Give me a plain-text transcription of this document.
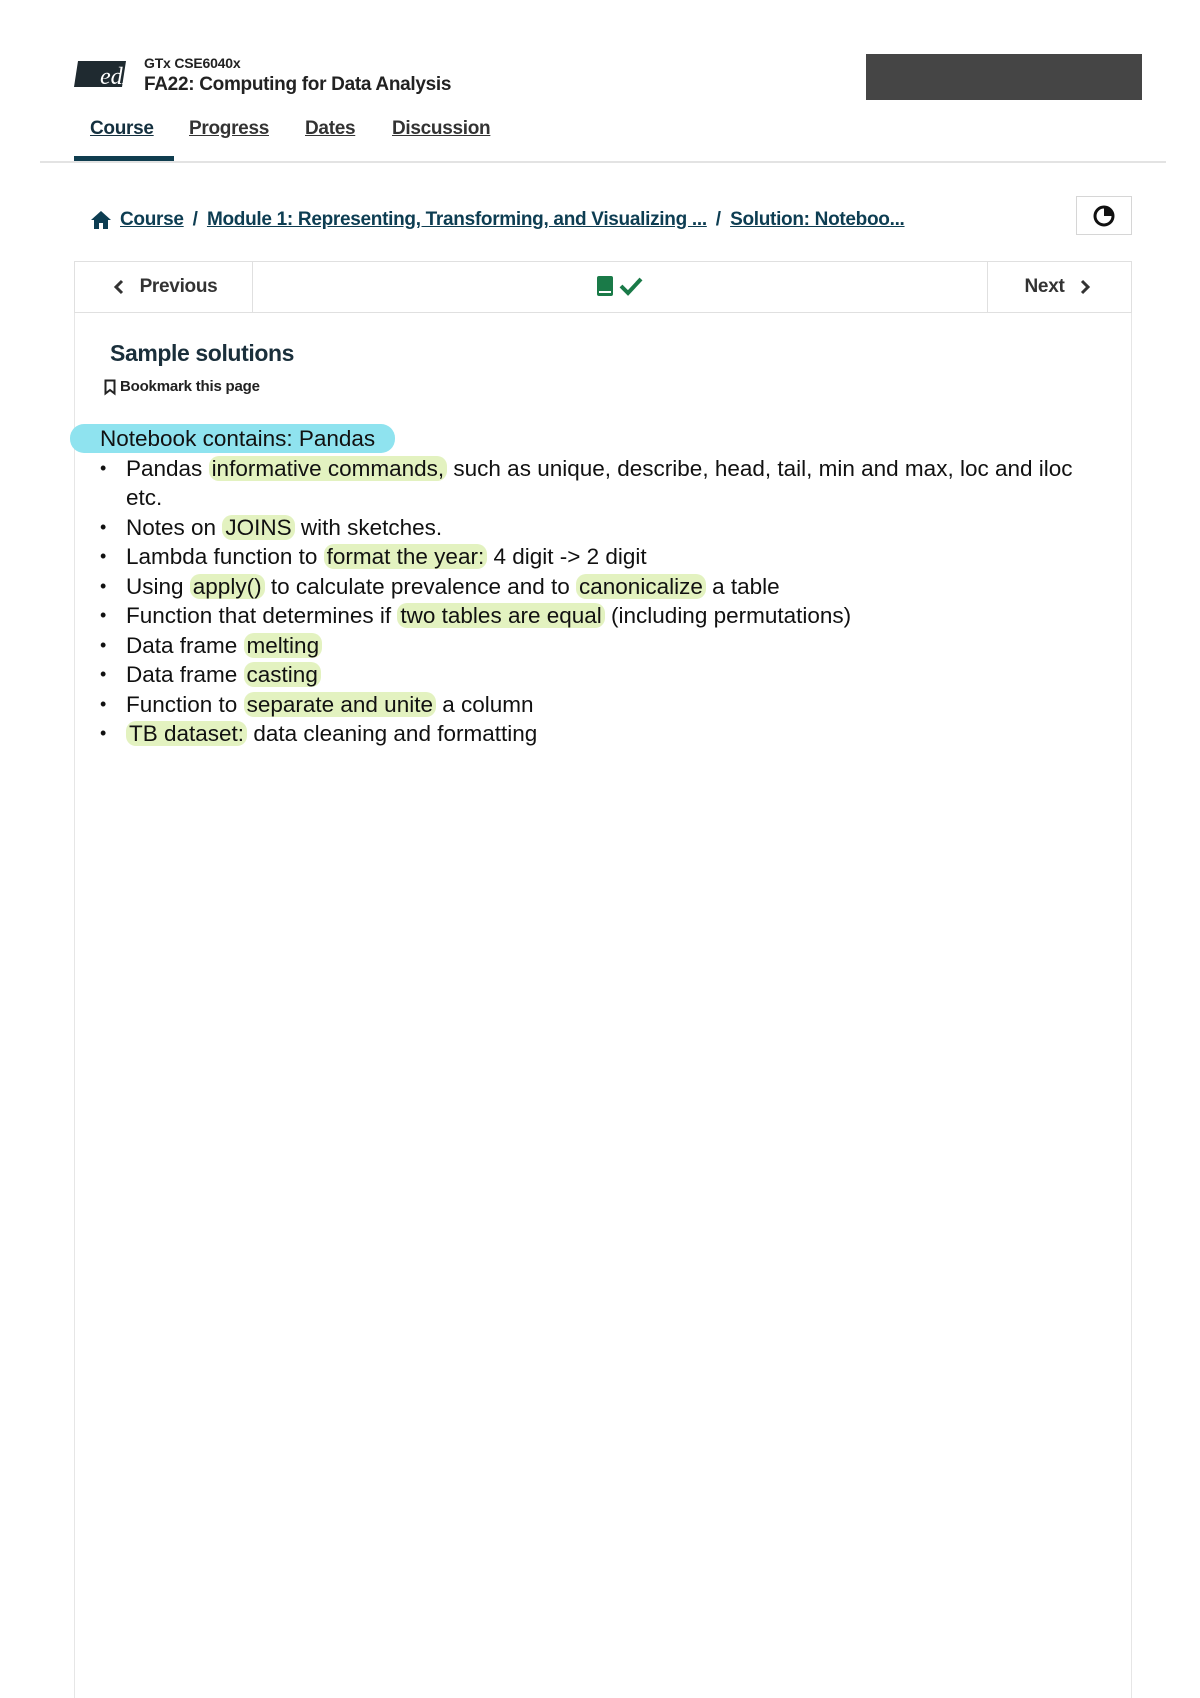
edX
GTx CSE6040x
FA22: Computing for Data Analysis
Course Progress Dates Discussion
Course / Module 1: Representing, Transforming, and Visualizing ... / Solution: Noteboo...
Previous	Next
Sample solutions
Bookmark this page
Notebook contains: Pandas
• Pandas informative commands, such as unique, describe, head, tail, min and max, loc and iloc etc.
• Notes on JOINS with sketches.
• Lambda function to format the year: 4 digit -> 2 digit
• Using apply() to calculate prevalence and to canonicalize a table
• Function that determines if two tables are equal (including permutations)
• Data frame melting
• Data frame casting
• Function to separate and unite a column
• TB dataset: data cleaning and formatting
